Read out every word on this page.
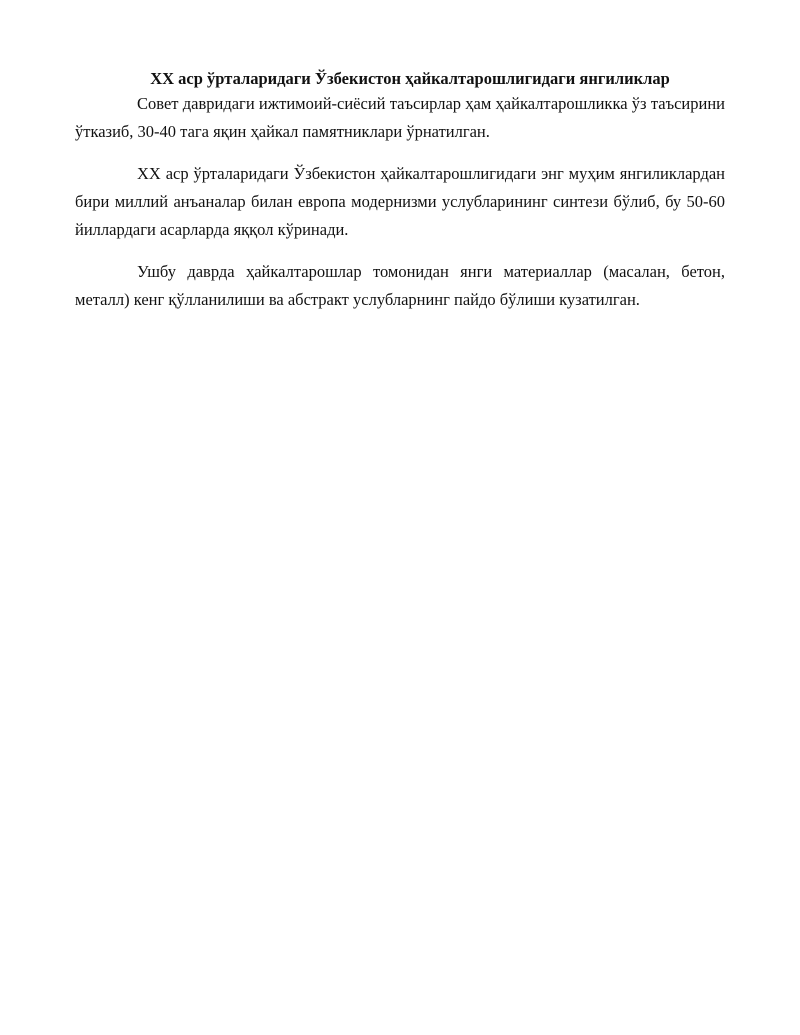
XX аср ўрталаридаги Ўзбекистон ҳайкалтарошлигидаги янгиликлар

Совет давридаги ижтимоий-сиёсий таъсирлар ҳам ҳайкалтарошликка ўз таъсирини ўтказиб, 30-40 тага яқин ҳайкал памятниклари ўрнатилган.

XX аср ўрталаридаги Ўзбекистон ҳайкалтарошлигидаги энг муҳим янгиликлардан бири миллий анъаналар билан европа модернизми услубларининг синтези бўлиб, бу 50-60 йиллардаги асарларда яққол кўринади.

Ушбу даврда ҳайкалтарошлар томонидан янги материаллар (масалан, бетон, металл) кенг қўлланилиши ва абстракт услубларнинг пайдо бўлиши кузатилган.
